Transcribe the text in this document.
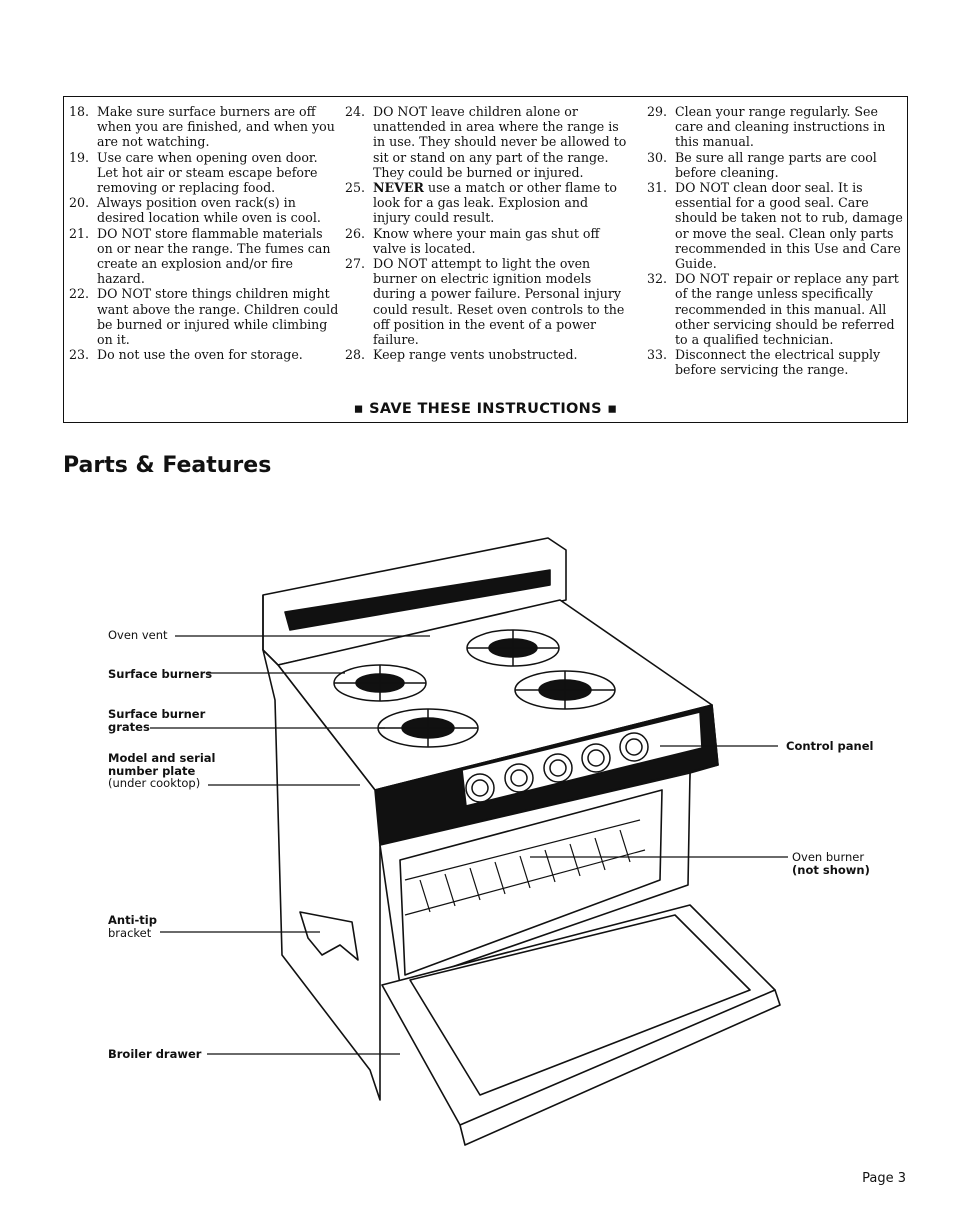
18. Make sure surface burners are off when you are finished, and when you are not watching.
19. Use care when opening oven door. Let hot air or steam escape before removing or replacing food.
20. Always position oven rack(s) in desired location while oven is cool.
21. DO NOT store flammable materials on or near the range. The fumes can create an explosion and/or fire hazard.
22. DO NOT store things children might want above the range. Children could be burned or injured while climbing on it.
23. Do not use the oven for storage.
24. DO NOT leave children alone or unattended in area where the range is in use. They should never be allowed to sit or stand on any part of the range. They could be burned or injured.
25. NEVER use a match or other flame to look for a gas leak. Explosion and injury could result.
26. Know where your main gas shut off valve is located.
27. DO NOT attempt to light the oven burner on electric ignition models during a power failure. Personal injury could result. Reset oven controls to the off position in the event of a power failure.
28. Keep range vents unobstructed.
29. Clean your range regularly. See care and cleaning instructions in this manual.
30. Be sure all range parts are cool before cleaning.
31. DO NOT clean door seal. It is essential for a good seal. Care should be taken not to rub, damage or move the seal. Clean only parts recommended in this Use and Care Guide.
32. DO NOT repair or replace any part of the range unless specifically recommended in this manual. All other servicing should be referred to a qualified technician.
33. Disconnect the electrical supply before servicing the range.
▪ SAVE THESE INSTRUCTIONS ▪
Parts & Features
Oven vent
Surface burners
Surface burner
grates
Model and serial
number plate
(under cooktop)
Anti-tip
bracket
Broiler drawer
Control panel
Oven burner
(not shown)
Page 3
